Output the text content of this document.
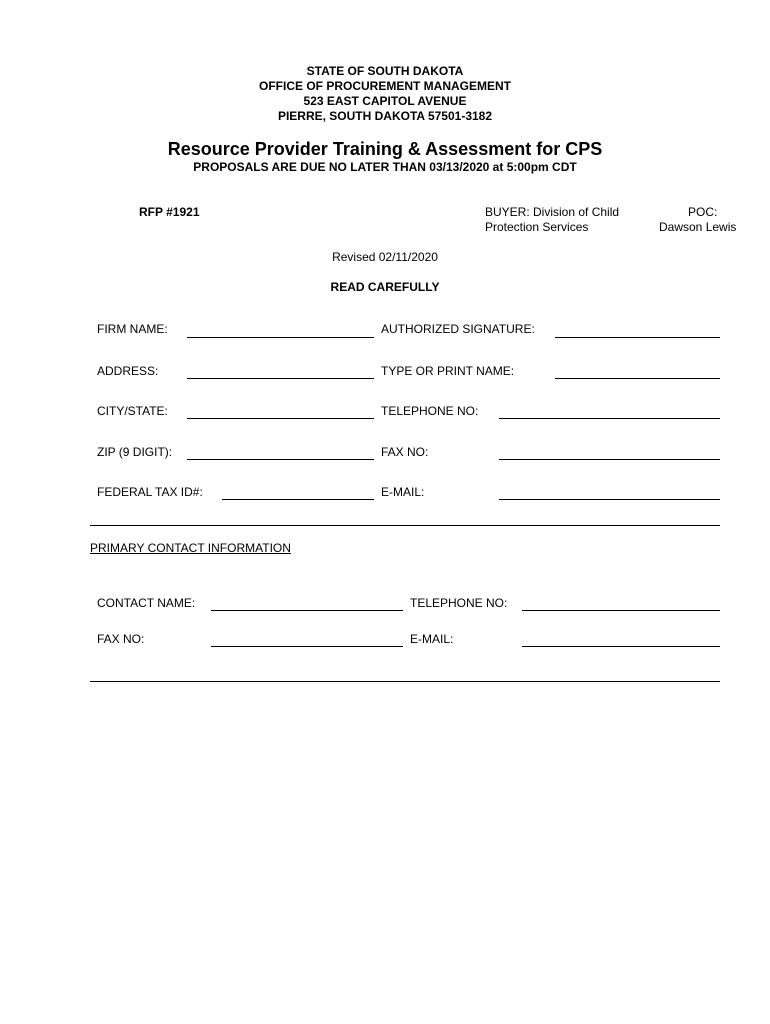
STATE OF SOUTH DAKOTA
OFFICE OF PROCUREMENT MANAGEMENT
523 EAST CAPITOL AVENUE
PIERRE, SOUTH DAKOTA 57501-3182
Resource Provider Training & Assessment for CPS
PROPOSALS ARE DUE NO LATER THAN 03/13/2020 at 5:00pm CDT
RFP #1921	BUYER: Division of Child
Protection Services
POC:
Dawson Lewis
Revised 02/11/2020
READ CAREFULLY
FIRM NAME:	AUTHORIZED SIGNATURE:
ADDRESS:	TYPE OR PRINT NAME:
CITY/STATE:	TELEPHONE NO:
ZIP (9 DIGIT):	FAX NO:
FEDERAL TAX ID#:	E-MAIL:
PRIMARY CONTACT INFORMATION
CONTACT NAME:	TELEPHONE NO:
FAX NO:	E-MAIL:
